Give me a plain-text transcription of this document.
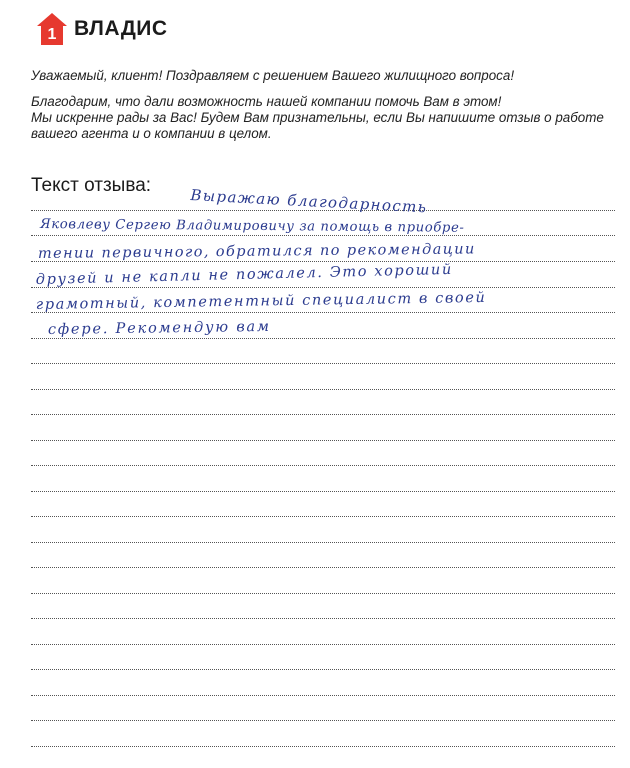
1 ВЛАДИС

Уважаемый, клиент! Поздравляем с решением Вашего жилищного вопроса!

Благодарим, что дали возможность нашей компании помочь Вам в этом!

Мы искренне рады за Вас! Будем Вам признательны, если Вы напишите отзыв о работе

вашего агента и о компании в целом.

Текст отзыва:
Выражаю благодарность
Яковлеву Сергею Владимировичу за помощь в приобре-
тении первичного, обратился по рекомендации
друзей и не капли не пожалел. Это хороший
грамотный, компетентный специалист в своей
сфере. Рекомендую вам
